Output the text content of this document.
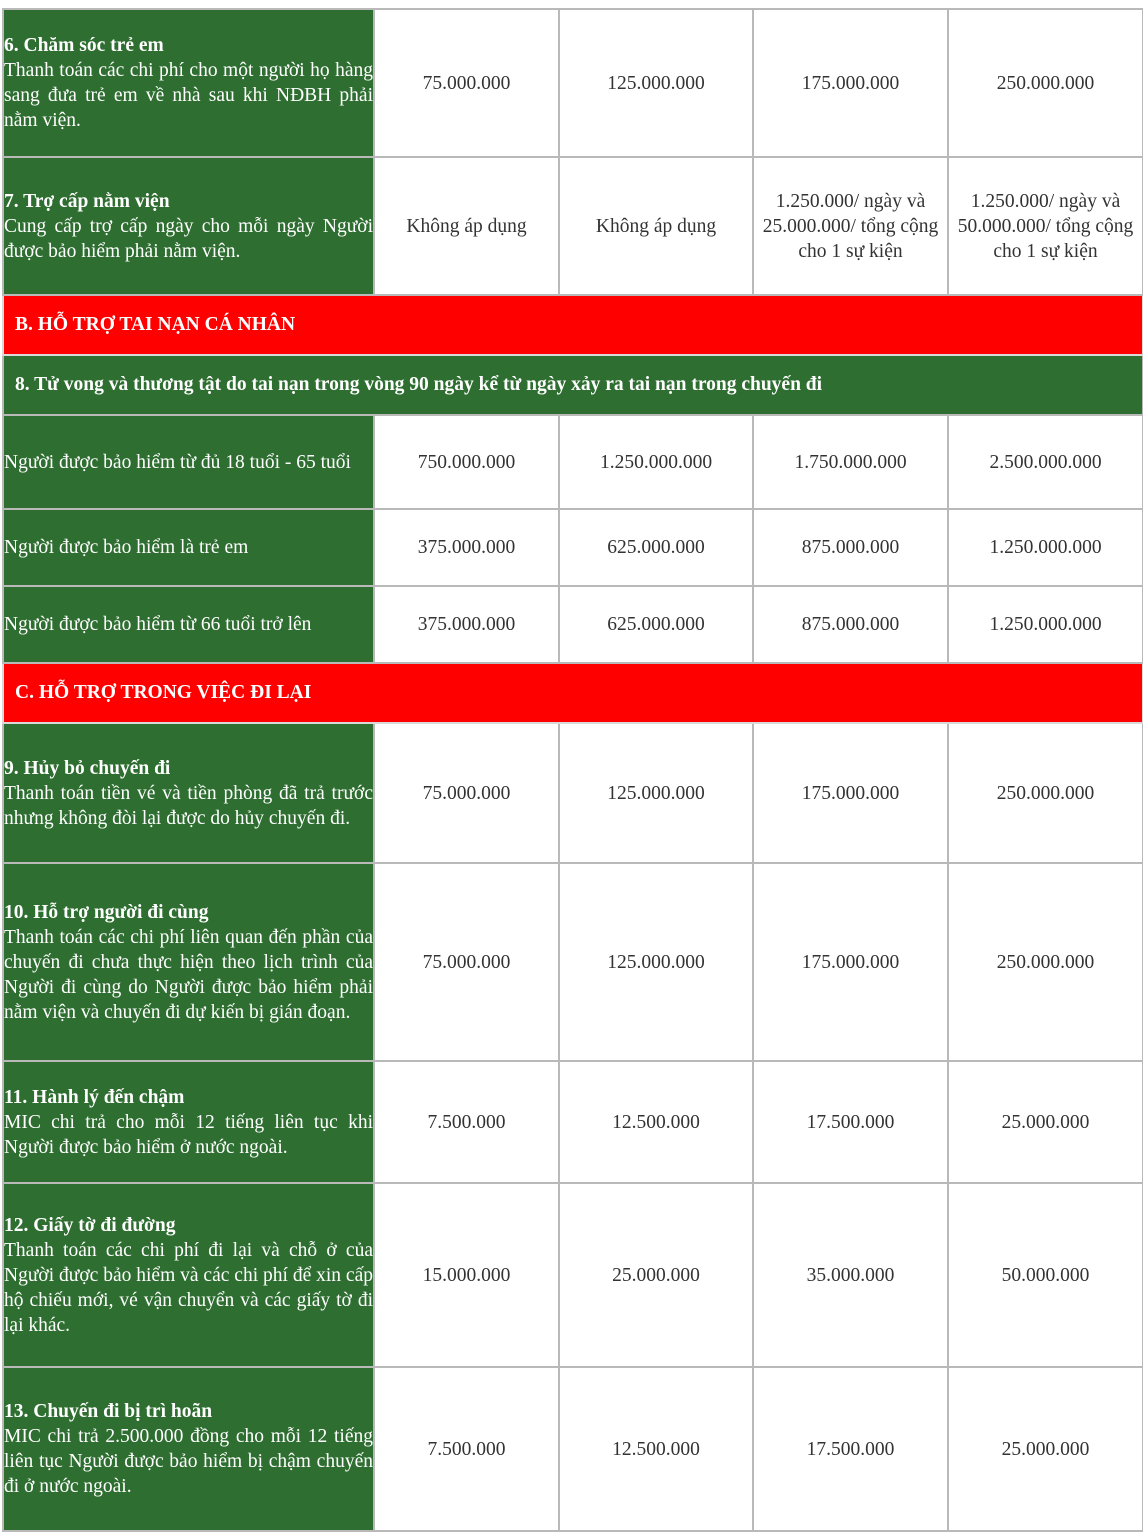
6. Chăm sóc trẻ em
Thanh toán các chi phí cho một người họ hàng sang đưa trẻ em về nhà sau khi NĐBH phải nằm viện.	75.000.000	125.000.000	175.000.000	250.000.000

7. Trợ cấp nằm viện
Cung cấp trợ cấp ngày cho mỗi ngày Người được bảo hiểm phải nằm viện.	Không áp dụng	Không áp dụng	1.250.000/ ngày và 25.000.000/ tổng cộng cho 1 sự kiện	1.250.000/ ngày và 50.000.000/ tổng cộng cho 1 sự kiện
B. HỖ TRỢ TAI NẠN CÁ NHÂN				
8. Tử vong và thương tật do tai nạn trong vòng 90 ngày kể từ ngày xảy ra tai nạn trong chuyến đi				
Người được bảo hiểm từ đủ 18 tuổi - 65 tuổi	750.000.000	1.250.000.000	1.750.000.000	2.500.000.000
Người được bảo hiểm là trẻ em	375.000.000	625.000.000	875.000.000	1.250.000.000
Người được bảo hiểm từ 66 tuổi trở lên	375.000.000	625.000.000	875.000.000	1.250.000.000
C. HỖ TRỢ TRONG VIỆC ĐI LẠI				

9. Hủy bỏ chuyến đi
Thanh toán tiền vé và tiền phòng đã trả trước nhưng không đòi lại được do hủy chuyến đi.	75.000.000	125.000.000	175.000.000	250.000.000

10. Hỗ trợ người đi cùng
Thanh toán các chi phí liên quan đến phần của chuyến đi chưa thực hiện theo lịch trình của Người đi cùng do Người được bảo hiểm phải nằm viện và chuyến đi dự kiến bị gián đoạn.	75.000.000	125.000.000	175.000.000	250.000.000

11. Hành lý đến chậm
MIC chi trả cho mỗi 12 tiếng liên tục khi Người được bảo hiểm ở nước ngoài.	7.500.000	12.500.000	17.500.000	25.000.000

12. Giấy tờ đi đường
Thanh toán các chi phí đi lại và chỗ ở của Người được bảo hiểm và các chi phí để xin cấp hộ chiếu mới, vé vận chuyển và các giấy tờ đi lại khác.	15.000.000	25.000.000	35.000.000	50.000.000

13. Chuyến đi bị trì hoãn
MIC chi trả 2.500.000 đồng cho mỗi 12 tiếng liên tục Người được bảo hiểm bị chậm chuyến đi ở nước ngoài.	7.500.000	12.500.000	17.500.000	25.000.000
